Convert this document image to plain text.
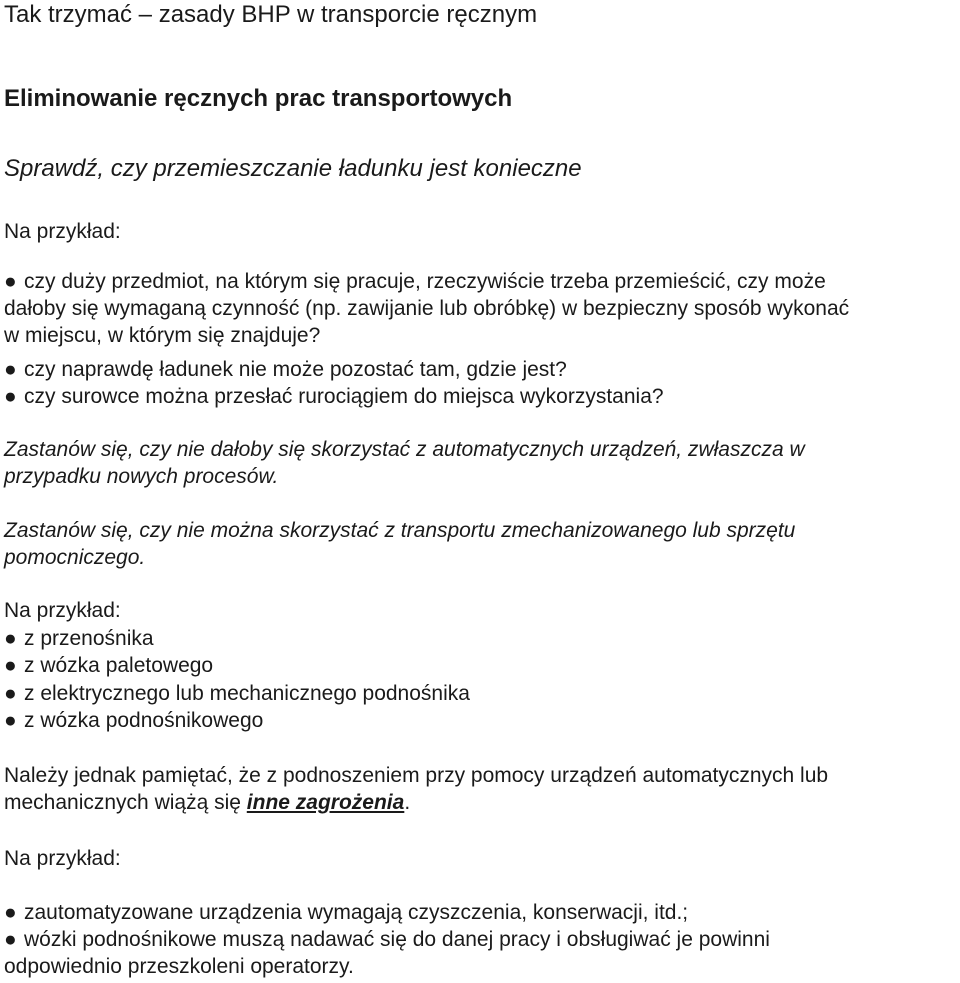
Tak trzymać – zasady BHP w transporcie ręcznym
Eliminowanie ręcznych prac transportowych
Sprawdź, czy przemieszczanie ładunku jest konieczne
Na przykład:
● czy duży przedmiot, na którym się pracuje, rzeczywiście trzeba przemieścić, czy może
dałoby się wymaganą czynność (np. zawijanie lub obróbkę) w bezpieczny sposób wykonać
w miejscu, w którym się znajduje?
● czy naprawdę ładunek nie może pozostać tam, gdzie jest?
● czy surowce można przesłać rurociągiem do miejsca wykorzystania?
Zastanów się, czy nie dałoby się skorzystać z automatycznych urządzeń, zwłaszcza w
przypadku nowych procesów.
Zastanów się, czy nie można skorzystać z transportu zmechanizowanego lub sprzętu
pomocniczego.
Na przykład:
● z przenośnika
● z wózka paletowego
● z elektrycznego lub mechanicznego podnośnika
● z wózka podnośnikowego
Należy jednak pamiętać, że z podnoszeniem przy pomocy urządzeń automatycznych lub
mechanicznych wiążą się inne zagrożenia.
Na przykład:
● zautomatyzowane urządzenia wymagają czyszczenia, konserwacji, itd.;
● wózki podnośnikowe muszą nadawać się do danej pracy i obsługiwać je powinni
odpowiednio przeszkoleni operatorzy.
